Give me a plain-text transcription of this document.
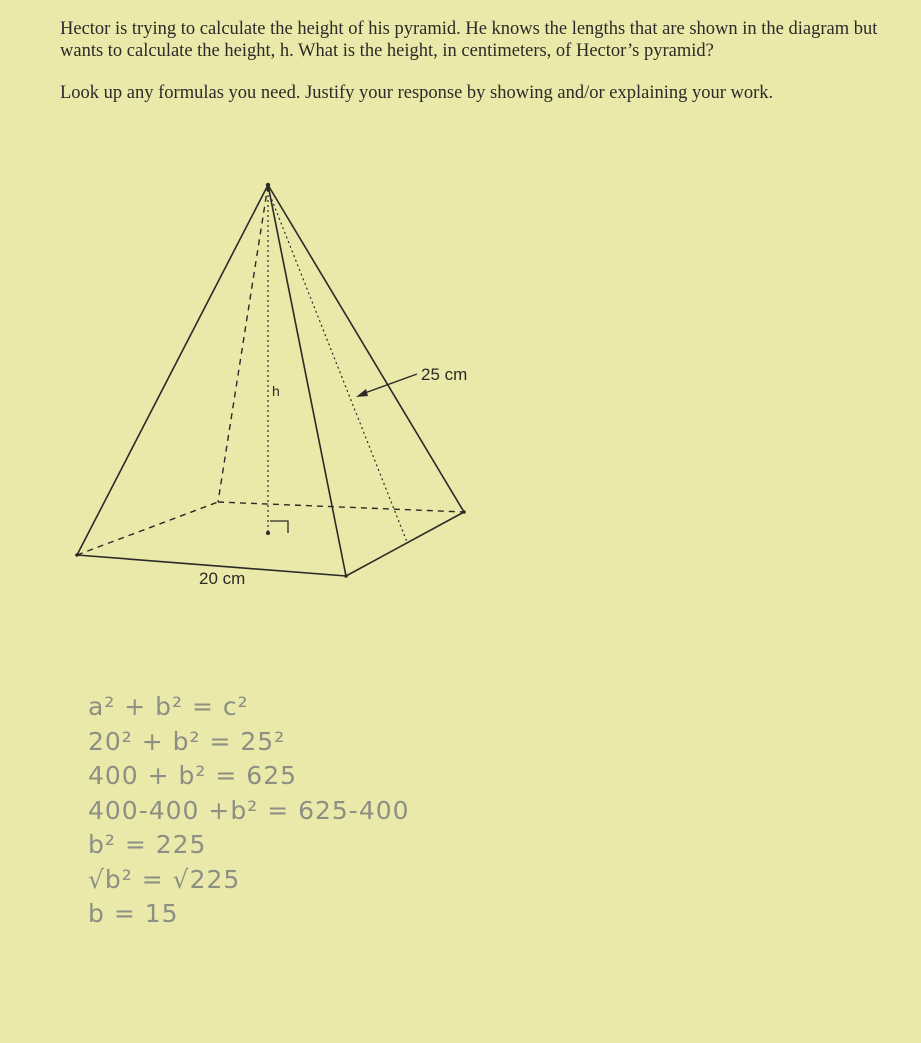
Hector is trying to calculate the height of his pyramid. He knows the lengths that are shown in the diagram but wants to calculate the height, h. What is the height, in centimeters, of Hector’s pyramid?

Look up any formulas you need. Justify your response by showing and/or explaining your work.

h
25 cm
20 cm
a² + b² = c²
20² + b² = 25²
400 + b² = 625
400-400 +b² = 625-400
b² = 225
√b² = √225
b = 15
